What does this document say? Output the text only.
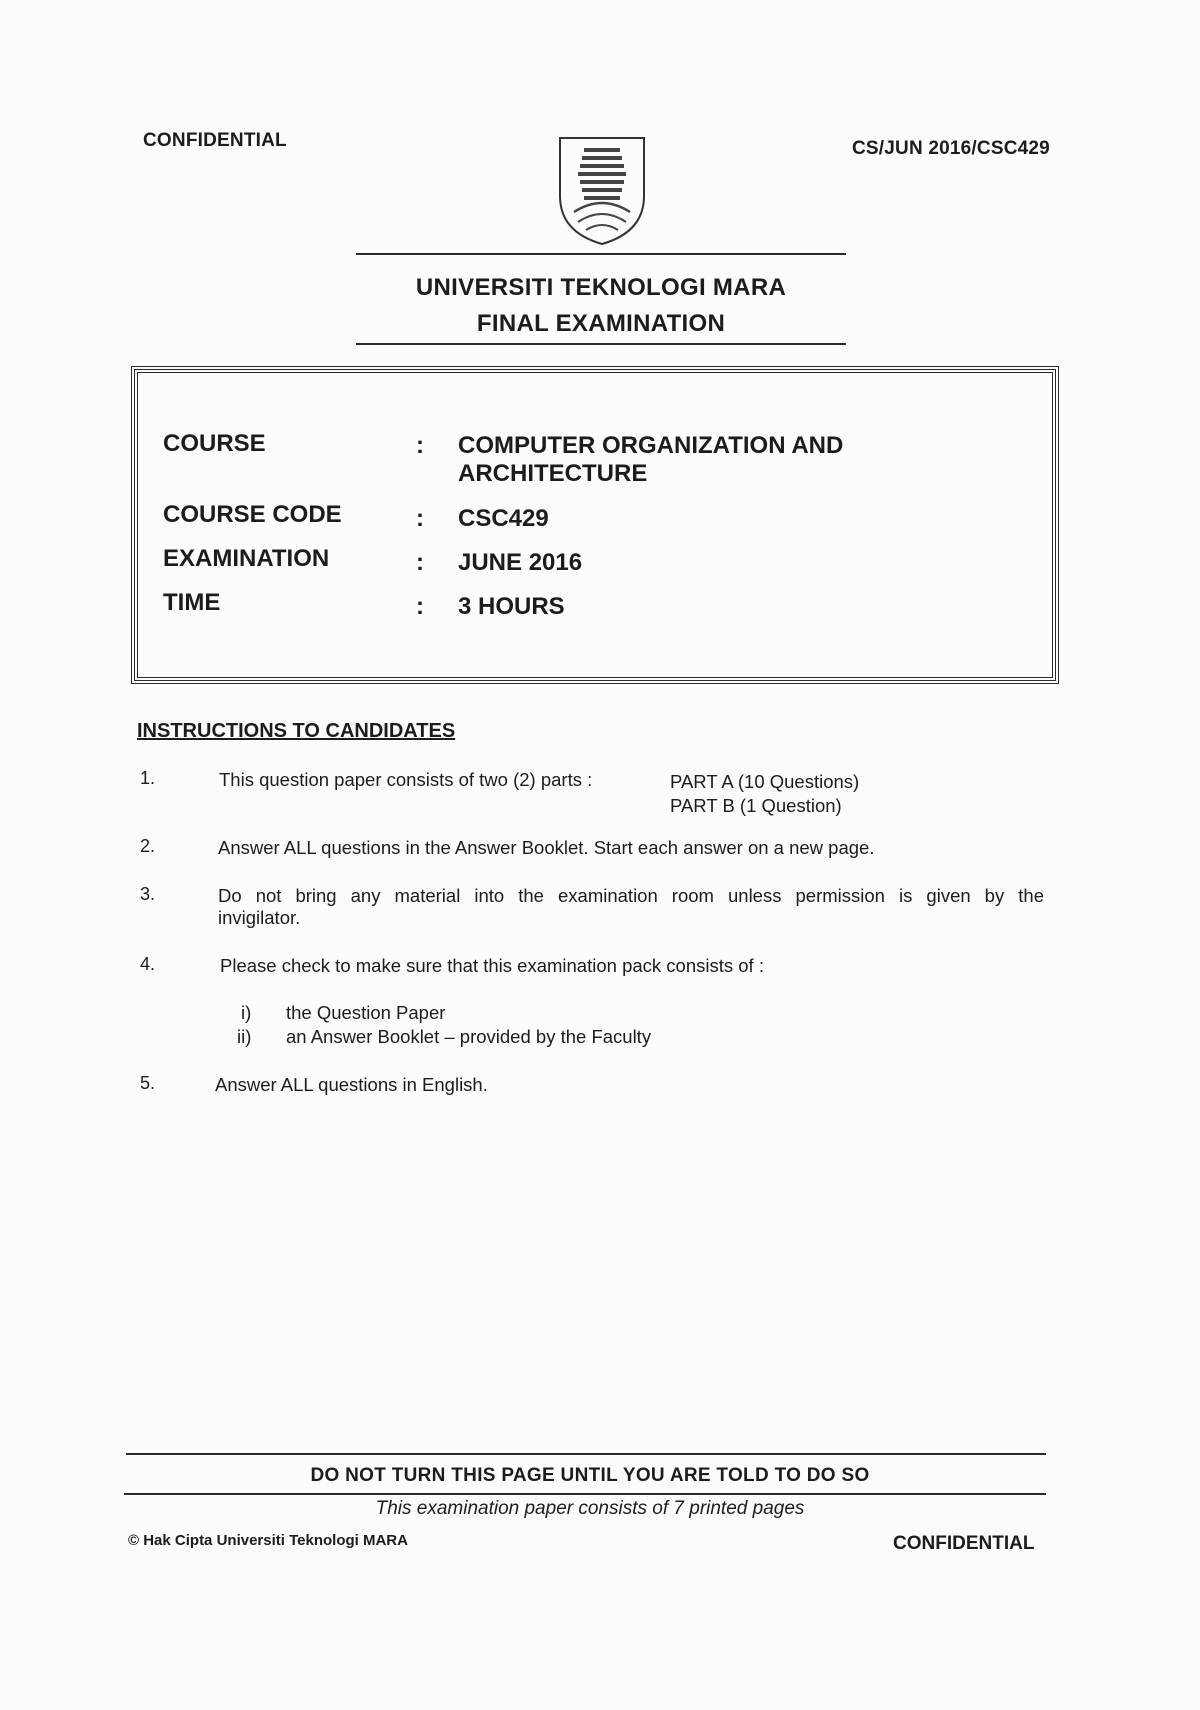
CONFIDENTIAL	CS/JUN 2016/CSC429
UNIVERSITI TEKNOLOGI MARA
FINAL EXAMINATION
COURSE	: COMPUTER ORGANIZATION AND
ARCHITECTURE
COURSE CODE	: CSC429
EXAMINATION	: JUNE 2016
TIME	: 3 HOURS
INSTRUCTIONS TO CANDIDATES
1.	This question paper consists of two (2) parts :	PART A (10 Questions)
PART B (1 Question)
2.	Answer ALL questions in the Answer Booklet. Start each answer on a new page.
3.	Do not bring any material into the examination room unless permission is given by the
invigilator.
4.	Please check to make sure that this examination pack consists of :
i) the Question Paper
ii) an Answer Booklet – provided by the Faculty
5.	Answer ALL questions in English.
DO NOT TURN THIS PAGE UNTIL YOU ARE TOLD TO DO SO
This examination paper consists of 7 printed pages
© Hak Cipta Universiti Teknologi MARA	CONFIDENTIAL
